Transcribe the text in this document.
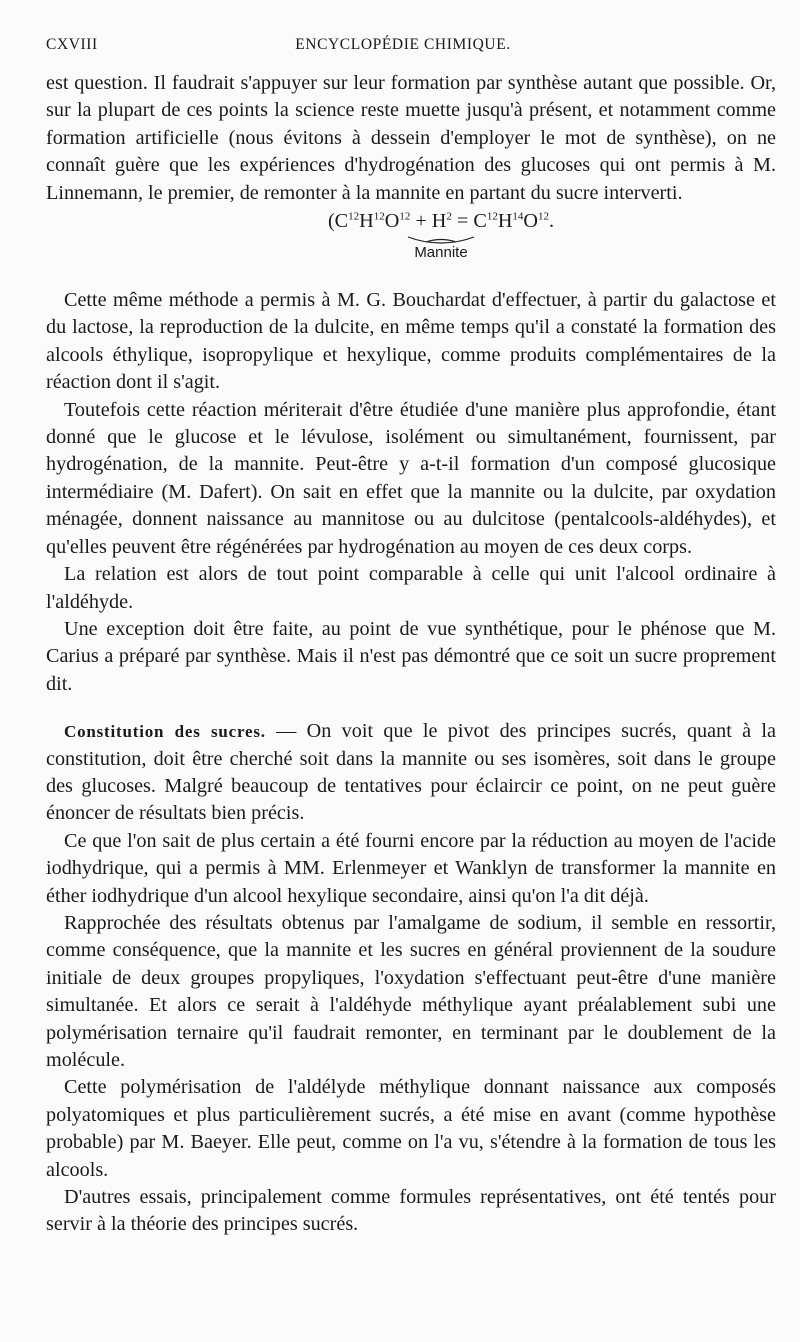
CXVIII	ENCYCLOPÉDIE CHIMIQUE.

est question. Il faudrait s'appuyer sur leur formation par synthèse autant que possible. Or, sur la plupart de ces points la science reste muette jusqu'à présent, et notamment comme formation artificielle (nous évitons à dessein d'employer le mot de synthèse), on ne connaît guère que les expériences d'hydrogénation des glucoses qui ont permis à M. Linnemann, le premier, de remonter à la mannite en partant du sucre interverti.

($C^{12}H^{12}O^{12} + H^2 = C^{12}H^{14}O^{12}$.
Mannite

Cette même méthode a permis à M. G. Bouchardat d'effectuer, à partir du galactose et du lactose, la reproduction de la dulcite, en même temps qu'il a constaté la formation des alcools éthylique, isopropylique et hexylique, comme produits complémentaires de la réaction dont il s'agit.

Toutefois cette réaction mériterait d'être étudiée d'une manière plus approfondie, étant donné que le glucose et le lévulose, isolément ou simultanément, fournissent, par hydrogénation, de la mannite. Peut-être y a-t-il formation d'un composé glucosique intermédiaire (M. Dafert). On sait en effet que la mannite ou la dulcite, par oxydation ménagée, donnent naissance au mannitose ou au dulcitose (pentalcools-aldéhydes), et qu'elles peuvent être régénérées par hydrogénation au moyen de ces deux corps.

La relation est alors de tout point comparable à celle qui unit l'alcool ordinaire à l'aldéhyde.

Une exception doit être faite, au point de vue synthétique, pour le phénose que M. Carius a préparé par synthèse. Mais il n'est pas démontré que ce soit un sucre proprement dit.

Constitution des sucres. — On voit que le pivot des principes sucrés, quant à la constitution, doit être cherché soit dans la mannite ou ses isomères, soit dans le groupe des glucoses. Malgré beaucoup de tentatives pour éclaircir ce point, on ne peut guère énoncer de résultats bien précis.

Ce que l'on sait de plus certain a été fourni encore par la réduction au moyen de l'acide iodhydrique, qui a permis à MM. Erlenmeyer et Wanklyn de transformer la mannite en éther iodhydrique d'un alcool hexylique secondaire, ainsi qu'on l'a dit déjà.

Rapprochée des résultats obtenus par l'amalgame de sodium, il semble en ressortir, comme conséquence, que la mannite et les sucres en général proviennent de la soudure initiale de deux groupes propyliques, l'oxydation s'effectuant peut-être d'une manière simultanée. Et alors ce serait à l'aldéhyde méthylique ayant préalablement subi une polymérisation ternaire qu'il faudrait remonter, en terminant par le doublement de la molécule.

Cette polymérisation de l'aldélyde méthylique donnant naissance aux composés polyatomiques et plus particulièrement sucrés, a été mise en avant (comme hypothèse probable) par M. Baeyer. Elle peut, comme on l'a vu, s'étendre à la formation de tous les alcools.

D'autres essais, principalement comme formules représentatives, ont été tentés pour servir à la théorie des principes sucrés.
